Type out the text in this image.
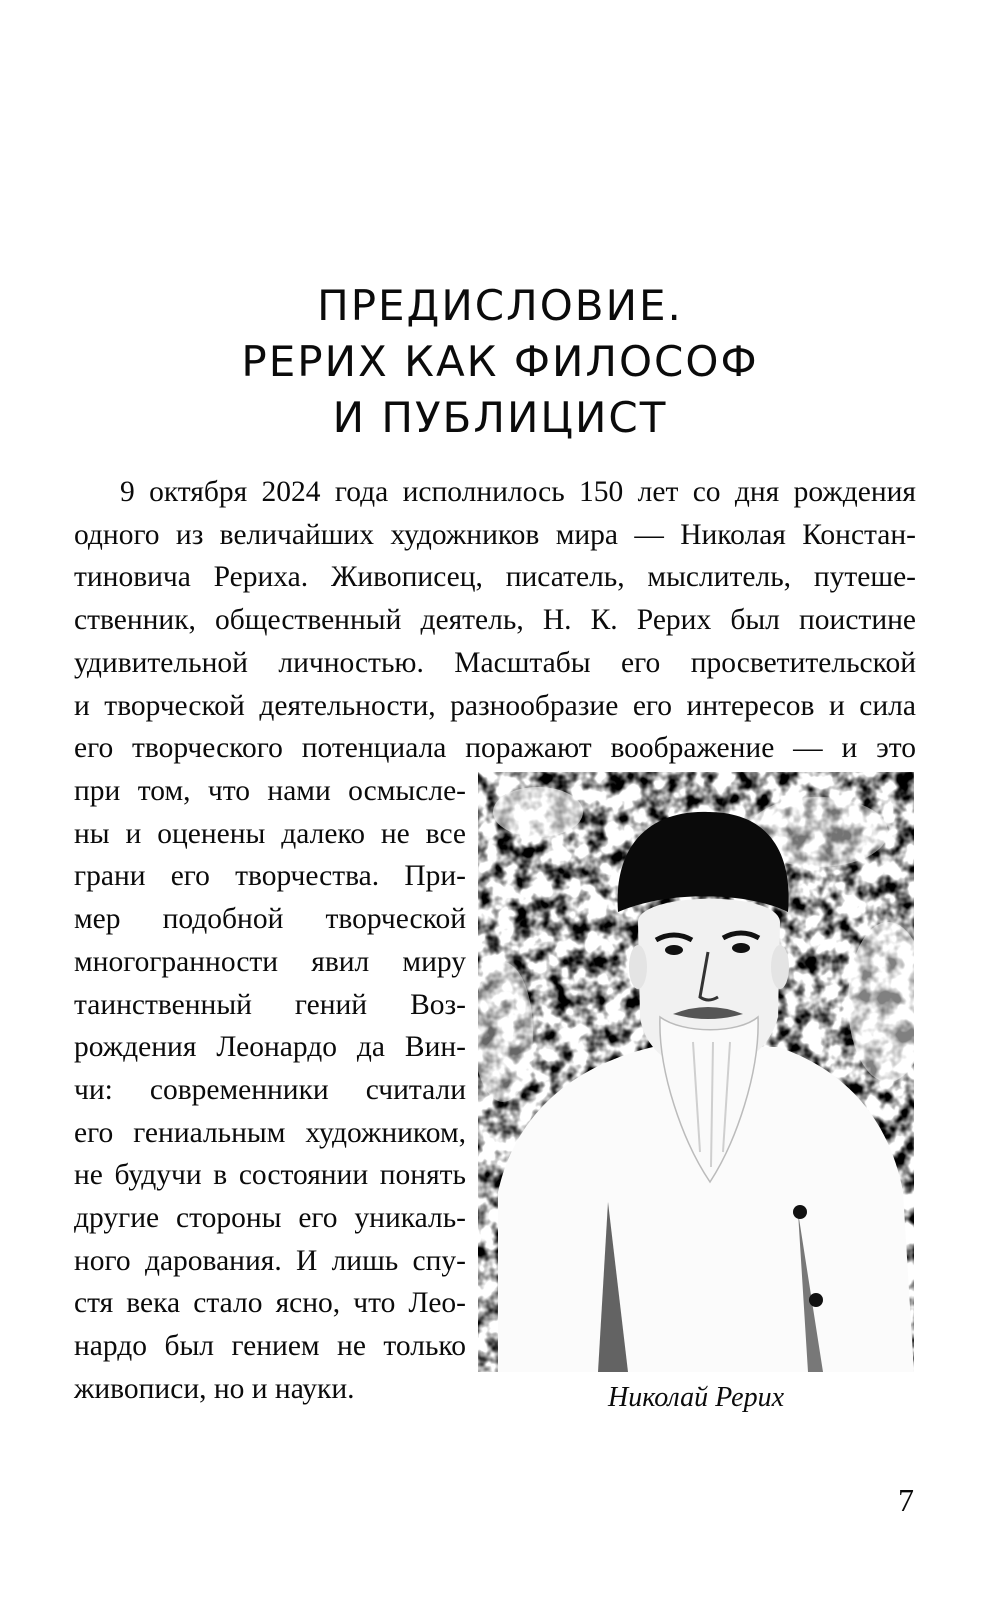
ПРЕДИСЛОВИЕ.
РЕРИХ КАК ФИЛОСОФ
И ПУБЛИЦИСТ
9 октября 2024 года исполнилось 150 лет со дня рождения
одного из величайших художников мира — Николая Констан-
тиновича Рериха. Живописец, писатель, мыслитель, путеше-
ственник, общественный деятель, Н. К. Рерих был поистине
удивительной личностью. Масштабы его просветительской
и творческой деятельности, разнообразие его интересов и сила
его творческого потенциала поражают воображение — и это
при том, что нами осмысле-
ны и оценены далеко не все
грани его творчества. При-
мер подобной творческой
многогранности явил миру
таинственный гений Воз-
рождения Леонардо да Вин-
чи: современники считали
его гениальным художником,
не будучи в состоянии понять
другие стороны его уникаль-
ного дарования. И лишь спу-
стя века стало ясно, что Лео-
нардо был гением не только
живописи, но и науки.	Николай Рерих
7
